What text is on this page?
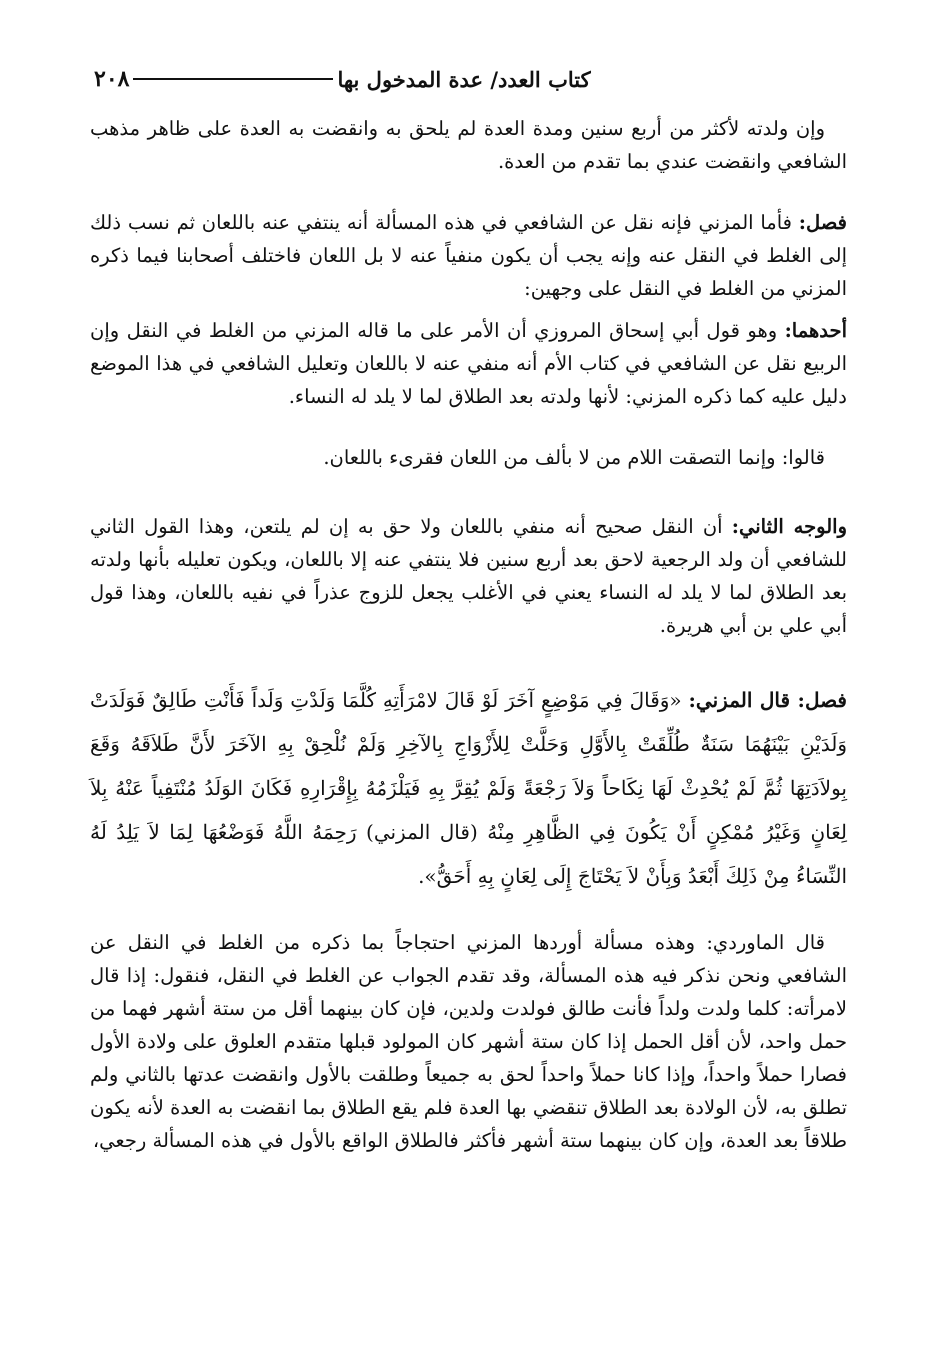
٢٠٨	كتاب العدد/ عدة المدخول بها

وإن ولدته لأكثر من أربع سنين ومدة العدة لم يلحق به وانقضت به العدة على ظاهر مذهب الشافعي وانقضت عندي بما تقدم من العدة.

فصل: فأما المزني فإنه نقل عن الشافعي في هذه المسألة أنه ينتفي عنه باللعان ثم نسب ذلك إلى الغلط في النقل عنه وإنه يجب أن يكون منفياً عنه لا بل اللعان فاختلف أصحابنا فيما ذكره المزني من الغلط في النقل على وجهين:

أحدهما: وهو قول أبي إسحاق المروزي أن الأمر على ما قاله المزني من الغلط في النقل وإن الربيع نقل عن الشافعي في كتاب الأم أنه منفي عنه لا باللعان وتعليل الشافعي في هذا الموضع دليل عليه كما ذكره المزني: لأنها ولدته بعد الطلاق لما لا يلد له النساء.

قالوا: وإنما التصقت اللام من لا بألف من اللعان فقرىء باللعان.

والوجه الثاني: أن النقل صحيح أنه منفي باللعان ولا حق به إن لم يلتعن، وهذا القول الثاني للشافعي أن ولد الرجعية لاحق بعد أربع سنين فلا ينتفي عنه إلا باللعان، ويكون تعليله بأنها ولدته بعد الطلاق لما لا يلد له النساء يعني في الأغلب يجعل للزوج عذراً في نفيه باللعان، وهذا قول أبي علي بن أبي هريرة.

فصل: قال المزني: «وَقَالَ فِي مَوْضِعٍ آخَرَ لَوْ قَالَ لامْرَأَتِهِ كُلَّمَا وَلَدْتِ وَلَداً فَأَنْتِ طَالِقٌ فَوَلَدَتْ وَلَدَيْنِ بَيْنَهُمَا سَنَةٌ طُلِّقَتْ بِالأَوَّلِ وَحَلَّتْ لِلأَزْوَاجِ بِالآخِرِ وَلَمْ نُلْحِقْ بِهِ الآخَرَ لأَنَّ طَلاَقَهُ وَقَعَ بِولاَدَتِهَا ثُمَّ لَمْ يُحْدِثْ لَهَا نِكَاحاً وَلاَ رَجْعَةً وَلَمْ يُقِرَّ بِهِ فَيَلْزَمُهُ بِإِقْرَارِهِ فَكَانَ الوَلَدُ مُنْتَفِياً عَنْهُ بِلاَ لِعَانٍ وَغَيْرُ مُمْكِنٍ أَنْ يَكُونَ فِي الظَّاهِرِ مِنْهُ (قال المزني) رَحِمَهُ اللَّهُ فَوَضْعُهَا لِمَا لاَ يَلِدُ لَهُ النِّسَاءُ مِنْ ذَلِكَ أَبْعَدُ وَبِأَنْ لاَ يَحْتَاجَ إِلَى لِعَانٍ بِهِ أَحَقُّ».

قال الماوردي: وهذه مسألة أوردها المزني احتجاجاً بما ذكره من الغلط في النقل عن الشافعي ونحن نذكر فيه هذه المسألة، وقد تقدم الجواب عن الغلط في النقل، فنقول: إذا قال لامرأته: كلما ولدت ولداً فأنت طالق فولدت ولدين، فإن كان بينهما أقل من ستة أشهر فهما من حمل واحد، لأن أقل الحمل إذا كان ستة أشهر كان المولود قبلها متقدم العلوق على ولادة الأول فصارا حملاً واحداً، وإذا كانا حملاً واحداً لحق به جميعاً وطلقت بالأول وانقضت عدتها بالثاني ولم تطلق به، لأن الولادة بعد الطلاق تنقضي بها العدة فلم يقع الطلاق بما انقضت به العدة لأنه يكون طلاقاً بعد العدة، وإن كان بينهما ستة أشهر فأكثر فالطلاق الواقع بالأول في هذه المسألة رجعي،
